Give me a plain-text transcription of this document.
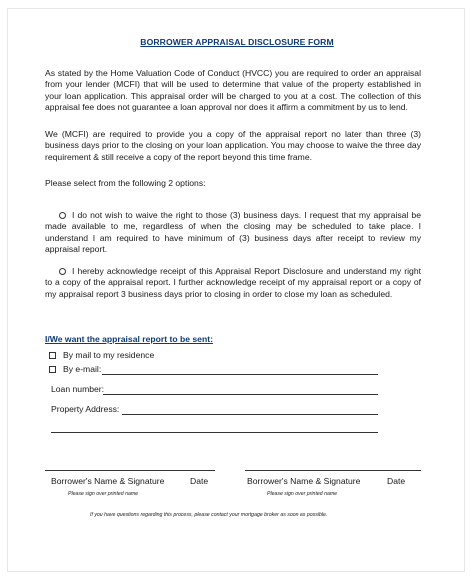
BORROWER APPRAISAL DISCLOSURE FORM

As stated by the Home Valuation Code of Conduct (HVCC) you are required to order an appraisal from your lender (MCFI) that will be used to determine that value of the property established in your loan application. This appraisal order will be charged to you at a cost. The collection of this appraisal fee does not guarantee a loan approval nor does it affirm a commitment by us to lend.

We (MCFI) are required to provide you a copy of the appraisal report no later than three (3) business days prior to the closing on your loan application. You may choose to waive the three day requirement & still receive a copy of the report beyond this time frame.

Please select from the following 2 options:

I do not wish to waive the right to those (3) business days. I request that my appraisal be made available to me, regardless of when the closing may be scheduled to take place. I understand I am required to have minimum of (3) business days after receipt to review my appraisal report.

I hereby acknowledge receipt of this Appraisal Report Disclosure and understand my right to a copy of the appraisal report. I further acknowledge receipt of my appraisal report or a copy of my appraisal report 3 business days prior to closing in order to close my loan as scheduled.

I/We want the appraisal report to be sent:
By mail to my residence
By e-mail:
Loan number:
Property Address:
Borrower's Name & Signature	Date	Borrower's Name & Signature	Date
Please sign over printed name	Please sign over printed name
If you have questions regarding this process, please contact your mortgage broker as soon as possible.
